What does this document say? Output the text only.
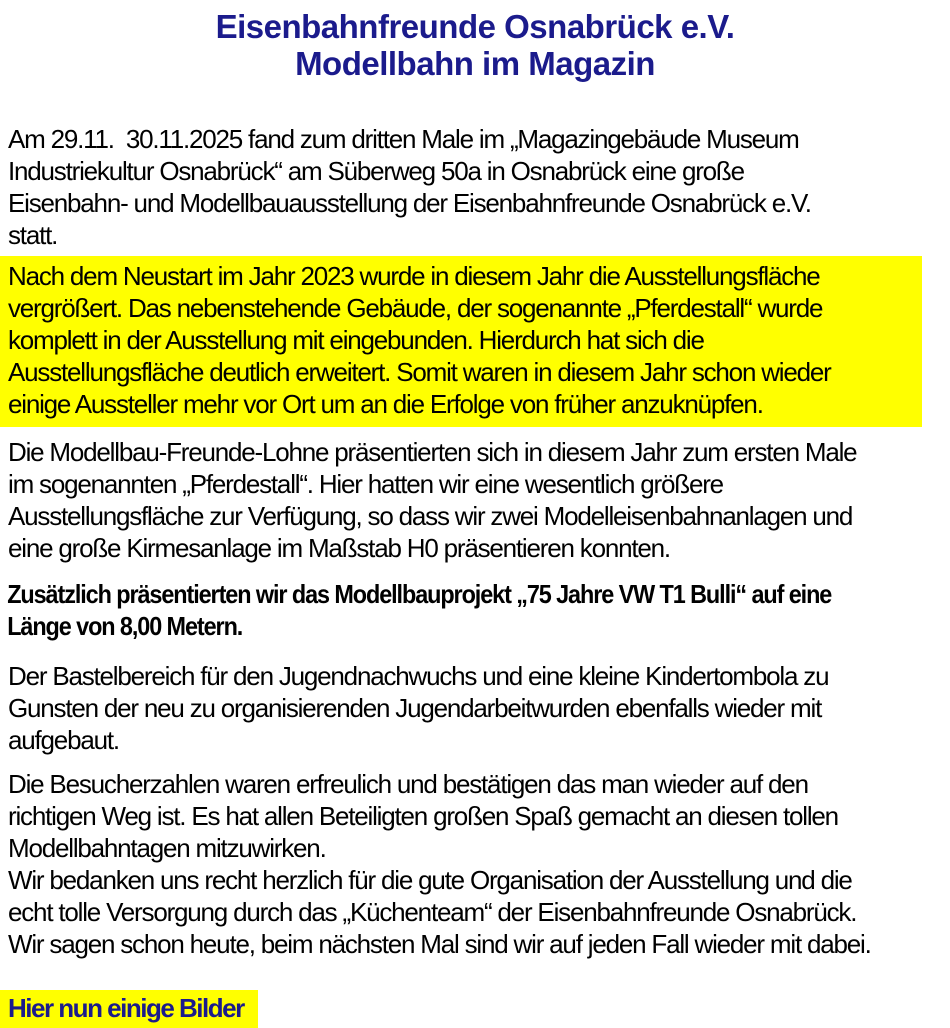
Eisenbahnfreunde Osnabrück e.V.
Modellbahn im Magazin

Am 29.11.  30.11.2025 fand zum dritten Male im „Magazingebäude Museum
Industriekultur Osnabrück“ am Süberweg 50a in Osnabrück eine große
Eisenbahn- und Modellbauausstellung der Eisenbahnfreunde Osnabrück e.V.
statt.

Nach dem Neustart im Jahr 2023 wurde in diesem Jahr die Ausstellungsfläche
vergrößert. Das nebenstehende Gebäude, der sogenannte „Pferdestall“ wurde
komplett in der Ausstellung mit eingebunden. Hierdurch hat sich die
Ausstellungsfläche deutlich erweitert. Somit waren in diesem Jahr schon wieder
einige Aussteller mehr vor Ort um an die Erfolge von früher anzuknüpfen.

Die Modellbau-Freunde-Lohne präsentierten sich in diesem Jahr zum ersten Male
im sogenannten „Pferdestall“. Hier hatten wir eine wesentlich größere
Ausstellungsfläche zur Verfügung, so dass wir zwei Modelleisenbahnanlagen und
eine große Kirmesanlage im Maßstab H0 präsentieren konnten.

Zusätzlich präsentierten wir das Modellbauprojekt „75 Jahre VW T1 Bulli“ auf eine
Länge von 8,00 Metern.

Der Bastelbereich für den Jugendnachwuchs und eine kleine Kindertombola zu
Gunsten der neu zu organisierenden Jugendarbeitwurden ebenfalls wieder mit
aufgebaut.

Die Besucherzahlen waren erfreulich und bestätigen das man wieder auf den
richtigen Weg ist. Es hat allen Beteiligten großen Spaß gemacht an diesen tollen
Modellbahntagen mitzuwirken.
Wir bedanken uns recht herzlich für die gute Organisation der Ausstellung und die
echt tolle Versorgung durch das „Küchenteam“ der Eisenbahnfreunde Osnabrück.
Wir sagen schon heute, beim nächsten Mal sind wir auf jeden Fall wieder mit dabei.

Hier nun einige Bilder
